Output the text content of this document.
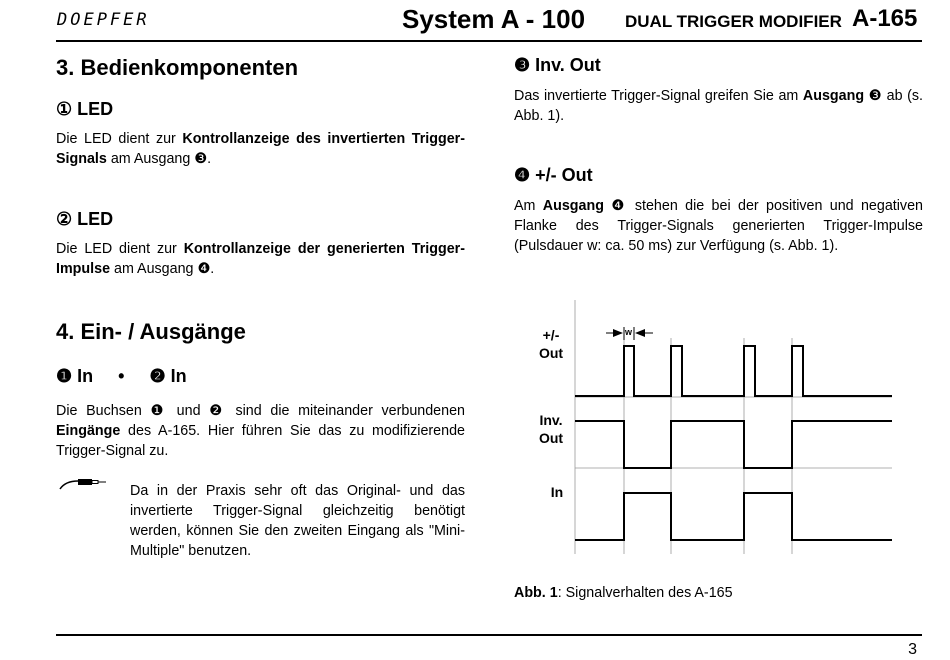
DOEPFER	System A - 100 DUAL TRIGGER MODIFIER A-165
3. Bedienkomponenten
① LED

Die LED dient zur Kontrollanzeige des invertierten Trigger-Signals am Ausgang ❸.

② LED

Die LED dient zur Kontrollanzeige der generierten Trigger-Impulse am Ausgang ❹.

4. Ein- / Ausgänge
❶ In     •     ❷ In

Die Buchsen ❶ und ❷ sind die miteinander verbundenen Eingänge des A-165. Hier führen Sie das zu modifizierende Trigger-Signal zu.

Da in der Praxis sehr oft das Original- und das invertierte Trigger-Signal gleichzeitig benötigt werden, können Sie den zweiten Eingang als "Mini-Multiple" benutzen.

❸ Inv. Out

Das invertierte Trigger-Signal greifen Sie am Ausgang ❸ ab (s. Abb. 1).

❹ +/- Out

Am Ausgang ❹ stehen die bei der positiven und negativen Flanke des Trigger-Signals generierten Trigger-Impulse (Pulsdauer w: ca. 50 ms) zur Verfügung (s. Abb. 1).

w
+/-
Out
Inv.
Out
In
Abb. 1: Signalverhalten des A-165
3
